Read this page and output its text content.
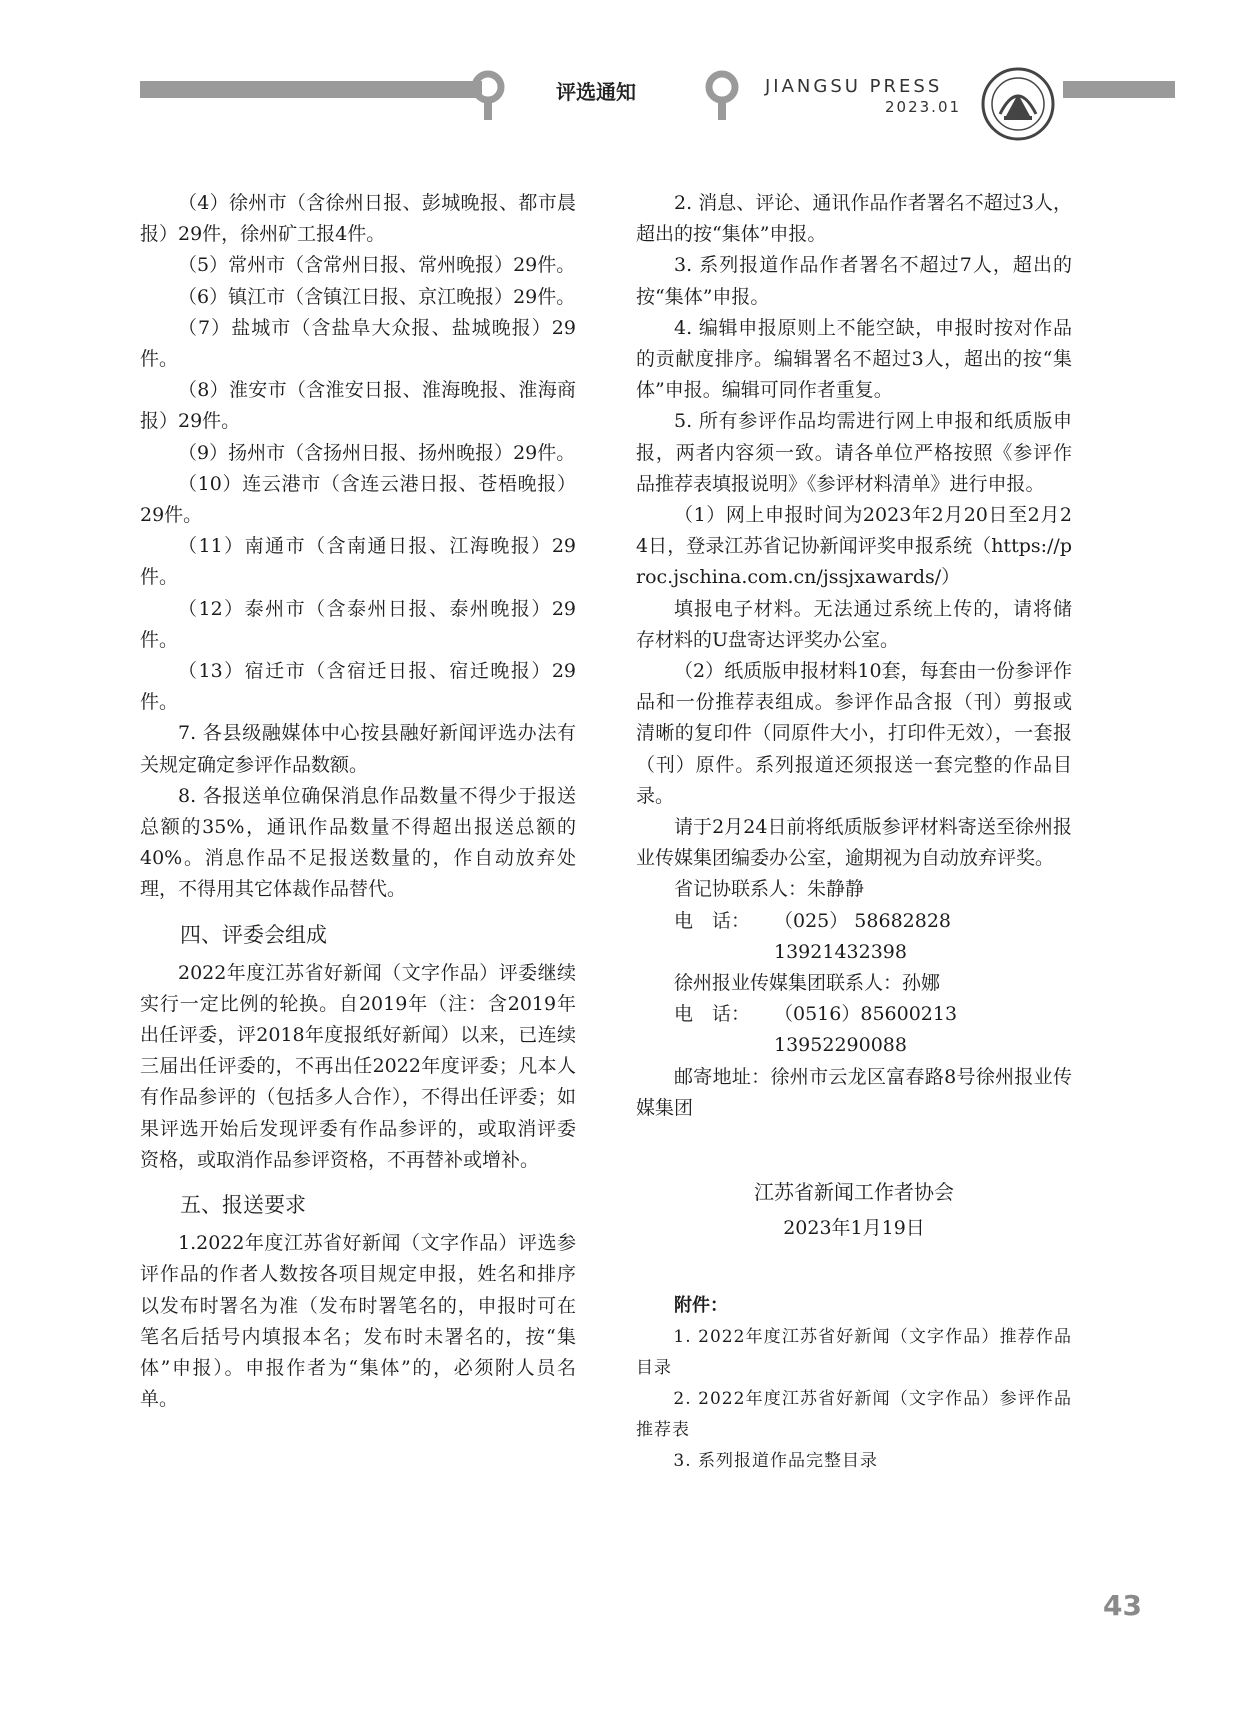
评选通知	JIANGSU PRESS
2023.01

（4）徐州市（含徐州日报、彭城晚报、都市晨报）29件，徐州矿工报4件。

（5）常州市（含常州日报、常州晚报）29件。

（6）镇江市（含镇江日报、京江晚报）29件。

（7）盐城市（含盐阜大众报、盐城晚报）29件。

（8）淮安市（含淮安日报、淮海晚报、淮海商报）29件。

（9）扬州市（含扬州日报、扬州晚报）29件。

（10）连云港市（含连云港日报、苍梧晚报）29件。

（11）南通市（含南通日报、江海晚报）29件。

（12）泰州市（含泰州日报、泰州晚报）29件。

（13）宿迁市（含宿迁日报、宿迁晚报）29件。

7. 各县级融媒体中心按县融好新闻评选办法有关规定确定参评作品数额。

8. 各报送单位确保消息作品数量不得少于报送总额的35%，通讯作品数量不得超出报送总额的40%。消息作品不足报送数量的，作自动放弃处理，不得用其它体裁作品替代。

四、评委会组成

2022年度江苏省好新闻（文字作品）评委继续实行一定比例的轮换。自2019年（注：含2019年出任评委，评2018年度报纸好新闻）以来，已连续三届出任评委的，不再出任2022年度评委；凡本人有作品参评的（包括多人合作），不得出任评委；如果评选开始后发现评委有作品参评的，或取消评委资格，或取消作品参评资格，不再替补或增补。

五、报送要求

1.2022年度江苏省好新闻（文字作品）评选参评作品的作者人数按各项目规定申报，姓名和排序以发布时署名为准（发布时署笔名的，申报时可在笔名后括号内填报本名；发布时未署名的，按“集体”申报）。申报作者为“集体”的，必须附人员名单。

2. 消息、评论、通讯作品作者署名不超过3人，超出的按“集体”申报。

3. 系列报道作品作者署名不超过7人，超出的按“集体”申报。

4. 编辑申报原则上不能空缺，申报时按对作品的贡献度排序。编辑署名不超过3人，超出的按“集体”申报。编辑可同作者重复。

5. 所有参评作品均需进行网上申报和纸质版申报，两者内容须一致。请各单位严格按照《参评作品推荐表填报说明》《参评材料清单》进行申报。

（1）网上申报时间为2023年2月20日至2月24日，登录江苏省记协新闻评奖申报系统（https://proc.jschina.com.cn/jssjxawards/）

填报电子材料。无法通过系统上传的，请将储存材料的U盘寄达评奖办公室。

（2）纸质版申报材料10套，每套由一份参评作品和一份推荐表组成。参评作品含报（刊）剪报或清晰的复印件（同原件大小，打印件无效），一套报（刊）原件。系列报道还须报送一套完整的作品目录。

请于2月24日前将纸质版参评材料寄送至徐州报业传媒集团编委办公室，逾期视为自动放弃评奖。

省记协联系人：朱静静

电　话：	（025） 58682828
13921432398

徐州报业传媒集团联系人：孙娜

电　话：	（0516）85600213
13952290088

邮寄地址：徐州市云龙区富春路8号徐州报业传媒集团

江苏省新闻工作者协会
2023年1月19日
附件：

1. 2022年度江苏省好新闻（文字作品）推荐作品目录

2. 2022年度江苏省好新闻（文字作品）参评作品推荐表

3. 系列报道作品完整目录

43
